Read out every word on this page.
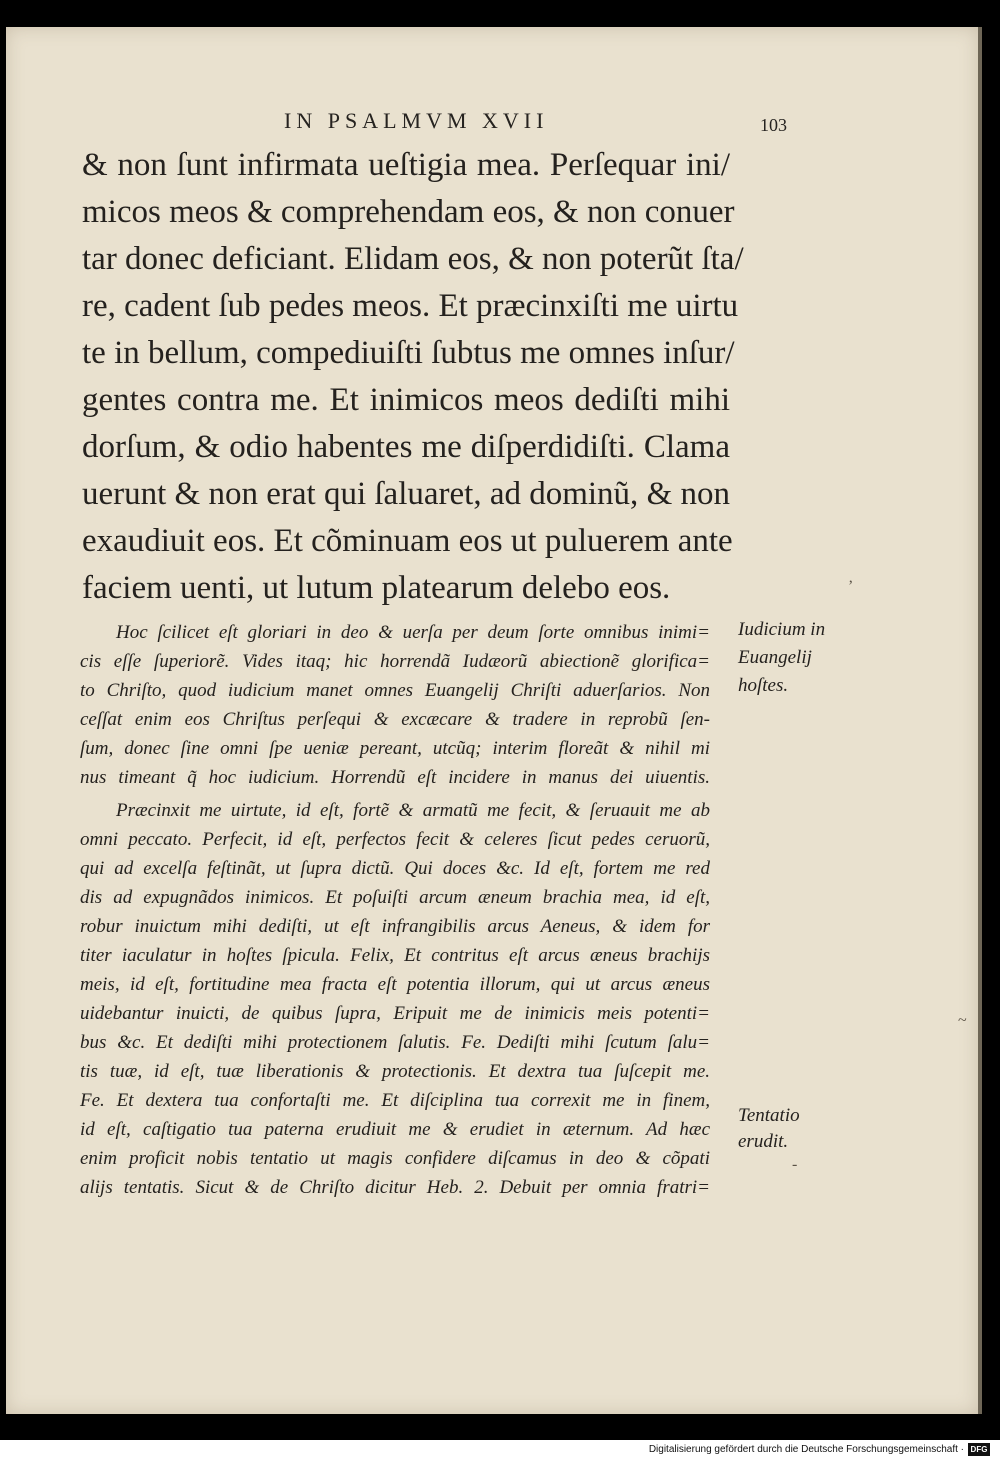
IN PSALMVM XVII	103
& non ſunt infirmata ueſtigia mea. Perſequar ini/
micos meos & comprehendam eos, & non conuer
tar donec deficiant. Elidam eos, & non poterũt ſta/
re, cadent ſub pedes meos. Et præcinxiſti me uirtu
te in bellum, compediuiſti ſubtus me omnes inſur/
gentes contra me. Et inimicos meos dediſti mihi
dorſum, & odio habentes me diſperdidiſti. Clama
uerunt & non erat qui ſaluaret, ad dominũ, & non
exaudiuit eos. Et cõminuam eos ut puluerem ante
faciem uenti, ut lutum platearum delebo eos.
Hoc ſcilicet eſt gloriari in deo & uerſa per deum ſorte omnibus inimi=
cis eſſe ſuperiorẽ. Vides itaq; hic horrendã Iudæorũ abiectionẽ glorifica=
to Chriſto, quod iudicium manet omnes Euangelij Chriſti aduerſarios. Non
ceſſat enim eos Chriſtus perſequi & excæcare & tradere in reprobũ ſen-
ſum, donec ſine omni ſpe ueniæ pereant, utcũq; interim floreãt & nihil mi
nus timeant q̃ hoc iudicium. Horrendũ eſt incidere in manus dei uiuentis.
Præcinxit me uirtute, id eſt, fortẽ & armatũ me fecit, & ſeruauit me ab
omni peccato. Perfecit, id eſt, perfectos fecit & celeres ſicut pedes ceruorũ,
qui ad excelſa feſtinãt, ut ſupra dictũ. Qui doces &c. Id eſt, fortem me red
dis ad expugnãdos inimicos. Et poſuiſti arcum æneum brachia mea, id eſt,
robur inuictum mihi dediſti, ut eſt infrangibilis arcus Aeneus, & idem for
titer iaculatur in hoſtes ſpicula. Felix, Et contritus eſt arcus æneus brachijs
meis, id eſt, fortitudine mea fracta eſt potentia illorum, qui ut arcus æneus
uidebantur inuicti, de quibus ſupra, Eripuit me de inimicis meis potenti=
bus &c. Et dediſti mihi protectionem ſalutis. Fe. Dediſti mihi ſcutum ſalu=
tis tuæ, id eſt, tuæ liberationis & protectionis. Et dextra tua ſuſcepit me.
Fe. Et dextera tua confortaſti me. Et diſciplina tua correxit me in finem,
id eſt, caſtigatio tua paterna erudiuit me & erudiet in æternum. Ad hæc
enim proficit nobis tentatio ut magis confidere diſcamus in deo & cõpati
alijs tentatis. Sicut & de Chriſto dicitur Heb. 2. Debuit per omnia fratri=
Iudicium in
Euangelij
hoſtes.
Tentatio
erudit.
ʼ
~
-
Digitalisierung gefördert durch die Deutsche Forschungsgemeinschaft · DFG
